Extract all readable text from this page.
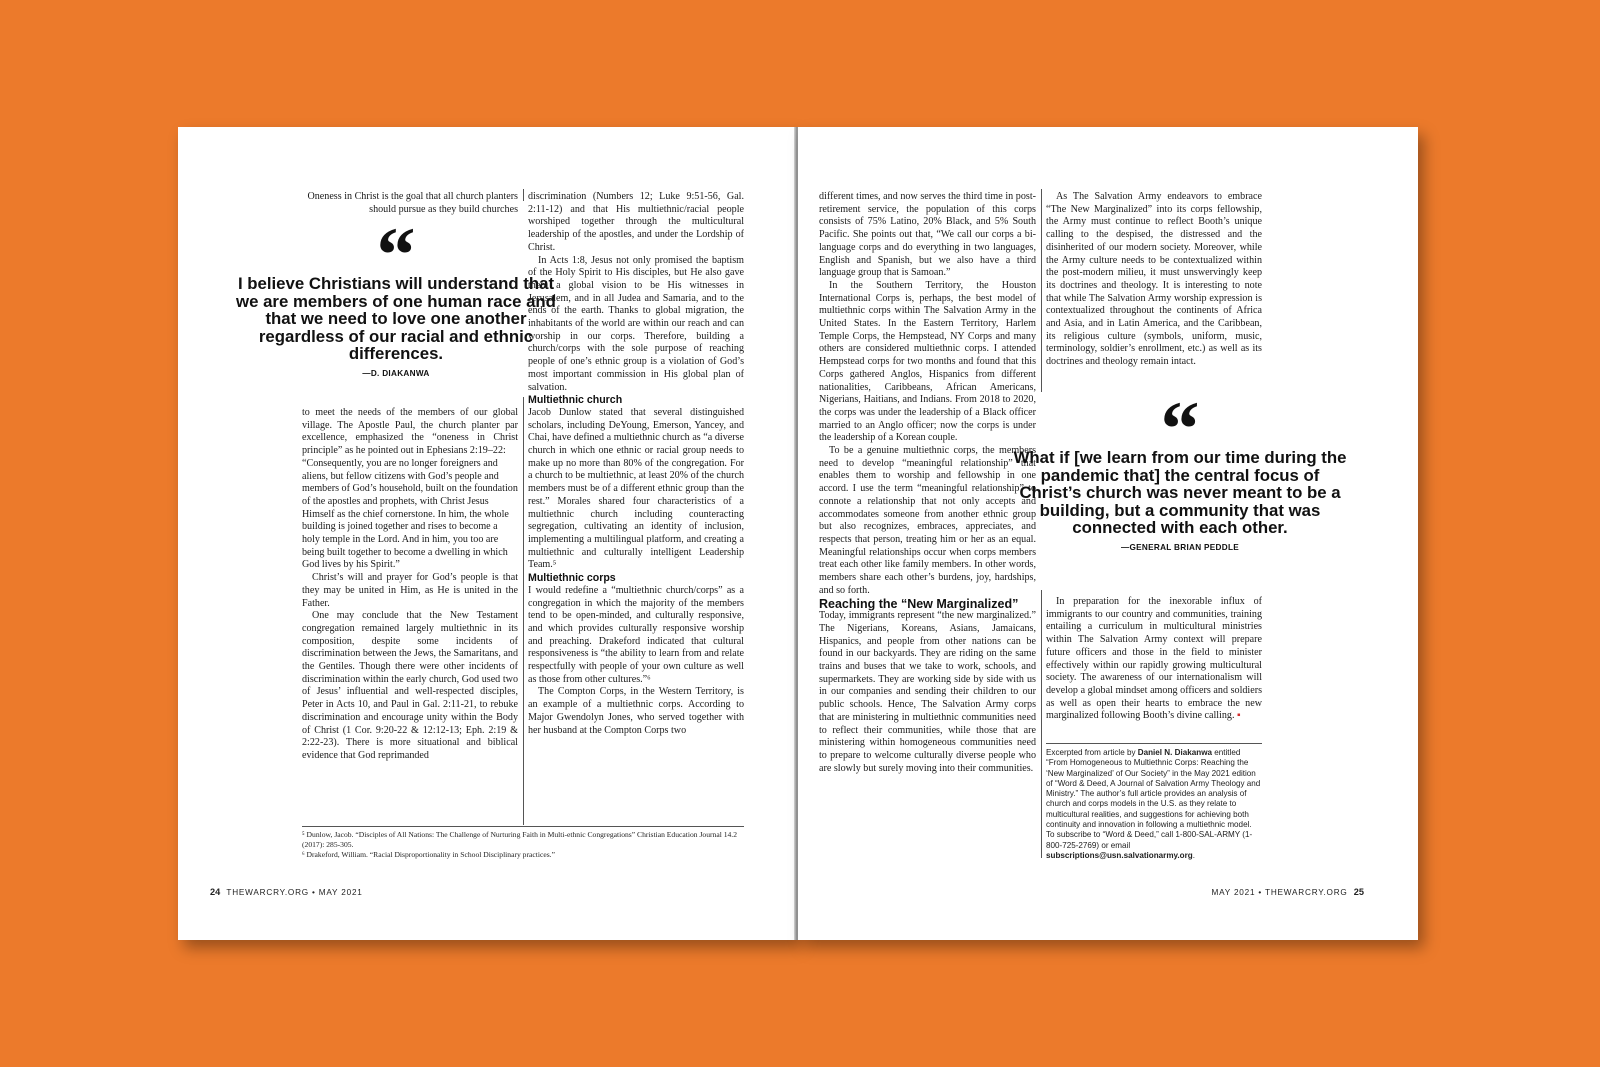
Oneness in Christ is the goal that all church planters should pursue as they build churches

“
I believe Christians will understand that we are members of one human race and that we need to love one another regardless of our racial and ethnic differences.
—D. DIAKANWA

to meet the needs of the members of our global village. The Apostle Paul, the church planter par excellence, emphasized the “oneness in Christ principle” as he pointed out in Ephesians 2:19–22:

“Consequently, you are no longer foreigners and aliens, but fellow citizens with God’s people and members of God’s household, built on the foundation of the apostles and prophets, with Christ Jesus Himself as the chief cornerstone. In him, the whole building is joined together and rises to become a holy temple in the Lord. And in him, you too are being built together to become a dwelling in which God lives by his Spirit.”

Christ’s will and prayer for God’s people is that they may be united in Him, as He is united in the Father.

One may conclude that the New Testament congregation remained largely multiethnic in its composition, despite some incidents of discrimination between the Jews, the Samaritans, and the Gentiles. Though there were other incidents of discrimination within the early church, God used two of Jesus’ influential and well-respected disciples, Peter in Acts 10, and Paul in Gal. 2:11-21, to rebuke discrimination and encourage unity within the Body of Christ (1 Cor. 9:20-22 & 12:12-13; Eph. 2:19 & 2:22-23). There is more situational and biblical evidence that God reprimanded

discrimination (Numbers 12; Luke 9:51-56, Gal. 2:11-12) and that His multiethnic/racial people worshiped together through the multicultural leadership of the apostles, and under the Lordship of Christ.

In Acts 1:8, Jesus not only promised the baptism of the Holy Spirit to His disciples, but He also gave them a global vision to be His witnesses in Jerusalem, and in all Judea and Samaria, and to the ends of the earth. Thanks to global migration, the inhabitants of the world are within our reach and can worship in our corps. Therefore, building a church/corps with the sole purpose of reaching people of one’s ethnic group is a violation of God’s most important commission in His global plan of salvation.

Multiethnic church

Jacob Dunlow stated that several distinguished scholars, including DeYoung, Emerson, Yancey, and Chai, have defined a multiethnic church as “a diverse church in which one ethnic or racial group needs to make up no more than 80% of the congregation. For a church to be multiethnic, at least 20% of the church members must be of a different ethnic group than the rest.” Morales shared four characteristics of a multiethnic church including counteracting segregation, cultivating an identity of inclusion, implementing a multilingual platform, and creating a multiethnic and culturally intelligent Leadership Team.⁵

Multiethnic corps

I would redefine a “multiethnic church/corps” as a congregation in which the majority of the members tend to be open-minded, and culturally responsive, and which provides culturally responsive worship and preaching. Drakeford indicated that cultural responsiveness is “the ability to learn from and relate respectfully with people of your own culture as well as those from other cultures.”⁶

The Compton Corps, in the Western Territory, is an example of a multiethnic corps. According to Major Gwendolyn Jones, who served together with her husband at the Compton Corps two

⁵ Dunlow, Jacob. “Disciples of All Nations: The Challenge of Nurturing Faith in Multi-ethnic Congregations” Christian Education Journal 14.2 (2017): 285-305.
⁶ Drakeford, William. “Racial Disproportionality in School Disciplinary practices.”
24 THEWARCRY.ORG • MAY 2021

different times, and now serves the third time in post-retirement service, the population of this corps consists of 75% Latino, 20% Black, and 5% South Pacific. She points out that, “We call our corps a bi-language corps and do everything in two languages, English and Spanish, but we also have a third language group that is Samoan.”

In the Southern Territory, the Houston International Corps is, perhaps, the best model of multiethnic corps within The Salvation Army in the United States. In the Eastern Territory, Harlem Temple Corps, the Hempstead, NY Corps and many others are considered multiethnic corps. I attended Hempstead corps for two months and found that this Corps gathered Anglos, Hispanics from different nationalities, Caribbeans, African Americans, Nigerians, Haitians, and Indians. From 2018 to 2020, the corps was under the leadership of a Black officer married to an Anglo officer; now the corps is under the leadership of a Korean couple.

To be a genuine multiethnic corps, the members need to develop “meaningful relationship” that enables them to worship and fellowship in one accord. I use the term “meaningful relationship” to connote a relationship that not only accepts and accommodates someone from another ethnic group but also recognizes, embraces, appreciates, and respects that person, treating him or her as an equal. Meaningful relationships occur when corps members treat each other like family members. In other words, members share each other’s burdens, joy, hardships, and so forth.

Reaching the “New Marginalized”

Today, immigrants represent “the new marginalized.” The Nigerians, Koreans, Asians, Jamaicans, Hispanics, and people from other nations can be found in our backyards. They are riding on the same trains and buses that we take to work, schools, and supermarkets. They are working side by side with us in our companies and sending their children to our public schools. Hence, The Salvation Army corps that are ministering in multiethnic communities need to reflect their communities, while those that are ministering within homogeneous communities need to prepare to welcome culturally diverse people who are slowly but surely moving into their communities.

As The Salvation Army endeavors to embrace “The New Marginalized” into its corps fellowship, the Army must continue to reflect Booth’s unique calling to the despised, the distressed and the disinherited of our modern society. Moreover, while the Army culture needs to be contextualized within the post-modern milieu, it must unswervingly keep its doctrines and theology. It is interesting to note that while The Salvation Army worship expression is contextualized throughout the continents of Africa and Asia, and in Latin America, and the Caribbean, its religious culture (symbols, uniform, music, terminology, soldier’s enrollment, etc.) as well as its doctrines and theology remain intact.

“
What if [we learn from our time during the pandemic that] the central focus of Christ’s church was never meant to be a building, but a community that was connected with each other.
—GENERAL BRIAN PEDDLE

In preparation for the inexorable influx of immigrants to our country and communities, training entailing a curriculum in multicultural ministries within The Salvation Army context will prepare future officers and those in the field to minister effectively within our rapidly growing multicultural society. The awareness of our internationalism will develop a global mindset among officers and soldiers as well as open their hearts to embrace the new marginalized following Booth’s divine calling. ▪

Excerpted from article by Daniel N. Diakanwa entitled “From Homogeneous to Multiethnic Corps: Reaching the ‘New Marginalized’ of Our Society” in the May 2021 edition of “Word & Deed, A Journal of Salvation Army Theology and Ministry.” The author’s full article provides an analysis of church and corps models in the U.S. as they relate to multicultural realities, and suggestions for achieving both continuity and innovation in following a multiethnic model. To subscribe to “Word & Deed,” call 1-800-SAL-ARMY (1-800-725-2769) or email subscriptions@usn.salvationarmy.org.
MAY 2021 • THEWARCRY.ORG 25
